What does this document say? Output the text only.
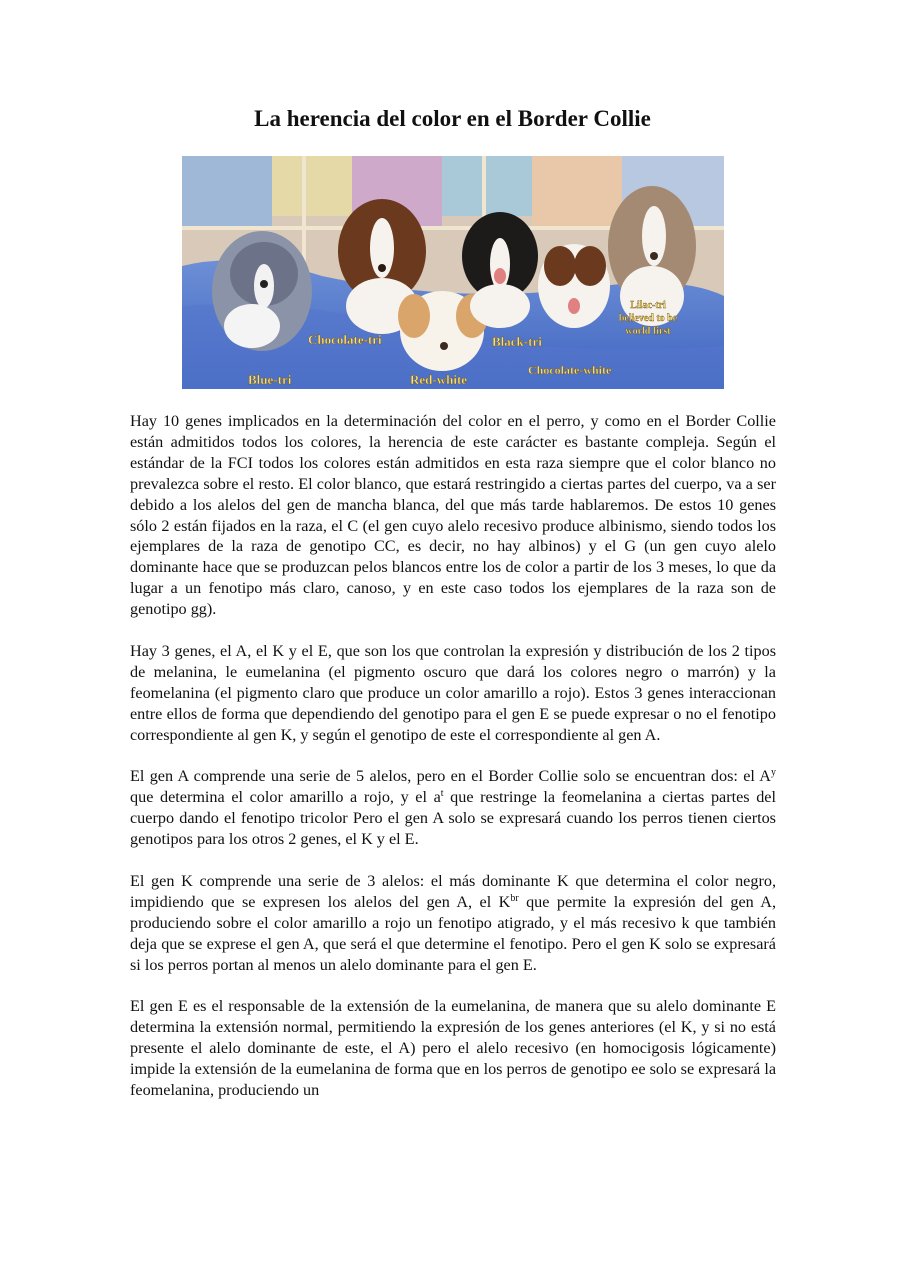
La herencia del color en el Border Collie
Chocolate-tri
Blue-tri	Red-white
Black-tri
Chocolate-white
Lilac-tri
believed to be
world first

Hay 10 genes implicados en la determinación del color en el perro, y como en el Border Collie están admitidos todos los colores, la herencia de este carácter es bastante compleja. Según el estándar de la FCI todos los colores están admitidos en esta raza siempre que el color blanco no prevalezca sobre el resto. El color blanco, que estará restringido a ciertas partes del cuerpo, va a ser debido a los alelos del gen de mancha blanca, del que más tarde hablaremos. De estos 10 genes sólo 2 están fijados en la raza, el C (el gen cuyo alelo recesivo produce albinismo, siendo todos los ejemplares de la raza de genotipo CC, es decir, no hay albinos) y el G (un gen cuyo alelo dominante hace que se produzcan pelos blancos entre los de color a partir de los 3 meses, lo que da lugar a un fenotipo más claro, canoso, y en este caso todos los ejemplares de la raza son de genotipo gg).

Hay 3 genes, el A, el K y el E, que son los que controlan la expresión y distribución de los 2 tipos de melanina, le eumelanina (el pigmento oscuro que dará los colores negro o marrón) y la feomelanina (el pigmento claro que produce un color amarillo a rojo). Estos 3 genes interaccionan entre ellos de forma que dependiendo del genotipo para el gen E se puede expresar o no el fenotipo correspondiente al gen K, y según el genotipo de este el correspondiente al gen A.

El gen A comprende una serie de 5 alelos, pero en el Border Collie solo se encuentran dos: el $A^y$ que determina el color amarillo a rojo, y el $a^t$ que restringe la feomelanina a ciertas partes del cuerpo dando el fenotipo tricolor Pero el gen A solo se expresará cuando los perros tienen ciertos genotipos para los otros 2 genes, el K y el E.

El gen K comprende una serie de 3 alelos: el más dominante K que determina el color negro, impidiendo que se expresen los alelos del gen A, el $K^{br}$ que permite la expresión del gen A, produciendo sobre el color amarillo a rojo un fenotipo atigrado, y el más recesivo k que también deja que se exprese el gen A, que será el que determine el fenotipo. Pero el gen K solo se expresará si los perros portan al menos un alelo dominante para el gen E.

El gen E es el responsable de la extensión de la eumelanina, de manera que su alelo dominante E determina la extensión normal, permitiendo la expresión de los genes anteriores (el K, y si no está presente el alelo dominante de este, el A) pero el alelo recesivo (en homocigosis lógicamente) impide la extensión de la eumelanina de forma que en los perros de genotipo ee solo se expresará la feomelanina, produciendo un
